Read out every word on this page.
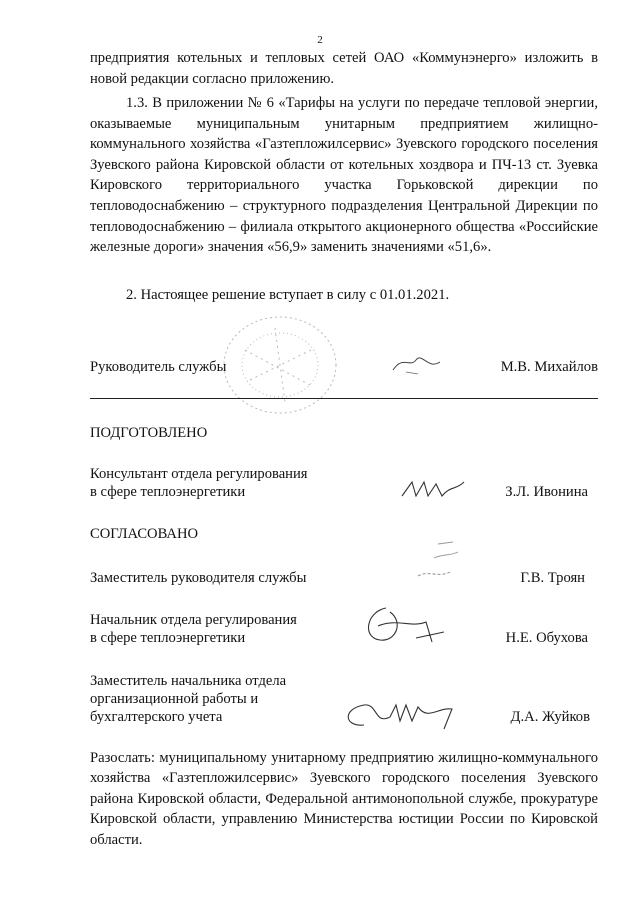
2
предприятия котельных и тепловых сетей ОАО «Коммунэнерго» изложить в новой редакции согласно приложению.
1.3. В приложении № 6 «Тарифы на услуги по передаче тепловой энергии, оказываемые муниципальным унитарным предприятием жилищно-коммунального хозяйства «Газтепложилсервис» Зуевского городского поселения Зуевского района Кировской области от котельных хоздвора и ПЧ-13 ст. Зуевка Кировского территориального участка Горьковской дирекции по тепловодоснабжению – структурного подразделения Центральной Дирекции по тепловодоснабжению – филиала открытого акционерного общества «Российские железные дороги» значения «56,9» заменить значениями «51,6».
2. Настоящее решение вступает в силу с 01.01.2021.
Руководитель службы	М.В. Михайлов
ПОДГОТОВЛЕНО
Консультант отдела регулирования
в сфере теплоэнергетики	З.Л. Ивонина
СОГЛАСОВАНО
Заместитель руководителя службы	Г.В. Троян
Начальник отдела регулирования
в сфере теплоэнергетики	Н.Е. Обухова
Заместитель начальника отдела
организационной работы и
бухгалтерского учета	Д.А. Жуйков
Разослать: муниципальному унитарному предприятию жилищно-коммунального хозяйства «Газтепложилсервис» Зуевского городского поселения Зуевского района Кировской области, Федеральной антимонопольной службе, прокуратуре Кировской области, управлению Министерства юстиции России по Кировской области.
